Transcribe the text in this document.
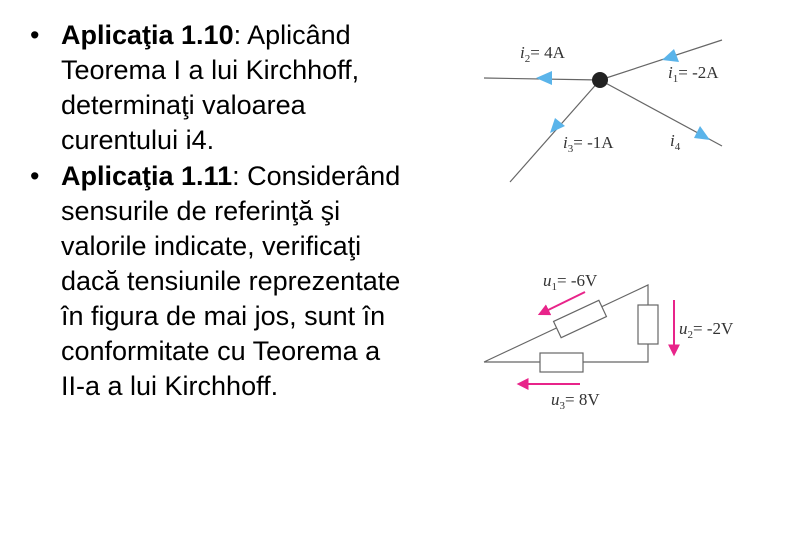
• Aplicaţia 1.10: Aplicând Teorema I a lui Kirchhoff, determinaţi valoarea curentului i4.
• Aplicaţia 1.11: Considerând sensurile de referinţă şi valorile indicate, verificaţi dacă tensiunile reprezentate în figura de mai jos, sunt în conformitate cu Teorema a II-a a lui Kirchhoff.
$i_2= 4A$
$i_1= -2A$
$i_3= -1A$	$i_4$
$u_1= -6V$
$u_2= -2V$
$u_3= 8V$
